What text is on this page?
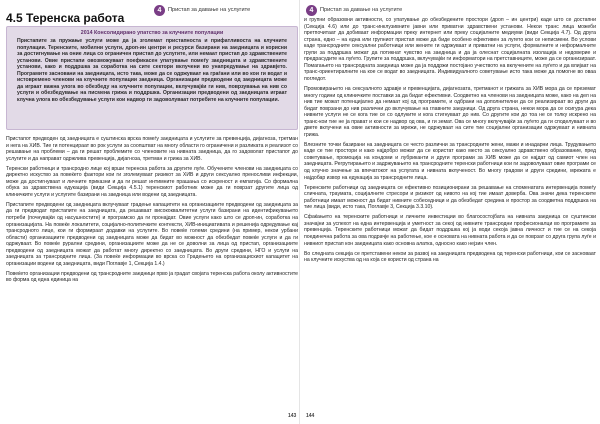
4.5 Теренска работа
4	Пристап за давање на услугите
2014 Консолидирано упатство за клучните популации
Пристапите за пружање услуги може да ја зголемат пристапноста и прифатливоста на клучните популации. Теренските, мобилни услуги, дроп-ин центри и ресурси базирани на заедницата и корисни за достигнување на оние лица со ограничен пристап до услугите, или немаат пристап до здравствените установи. Овие пристапи овозможуваат поефикасен упатување помеѓу заедницата и здравствените установи, како и поддршка за соработка на сите сектори вклучени во унапредување на здравјето. Програмите засновани на заедницата, исто така, може да се одржуваат на граѓани или во кои ги водат и истовремено членови на клучните популации заедница. Организации предводени од заедницата може да играат важна улога во обезбеду на клучните популации, вклучувајќи ги нив, поврзувања на нив со услуги и обезбедување на писмена грижа и поддршка. Организации предводени од заедницата играат клучна улога во обезбедување услуги кои надвор ги задоволуваат потребите на клучните популации.

Пристапот предводен од заедницата е суштинска врска помеѓу заедницата и услугите за превенција, дијагноза, третман и нега на ХИВ. Тие ги потенцираат во рок услуги за соопштват на многу области го ограничени и разликата и реализот со решавање на проблеми – да ги решат проблемите со членовите на нивната заедница, да го задоволат пристапот до услугите и да направат одржлива превенција, дијагноза, третман и грижа за ХИВ.

Теренски работници и трансродно лице кој врши теренска работа за другите луѓе. Обучените членови на заедницата со директно искуство за повеќето фактори кои ги зголемуваат ризикот за ХИВ и други сексуално преносливи инфекции, може да достигнуваат и личните приказни и да ги решат интимните прашања со искреност и емпатија. Со формална обука за здравствена едукација (види Секција 4.5.1) теренскиот работник може да ги поврзат другите лица од клиничките услуги и услугите базирани на заедница или водени од заедницата.

Пристапите предводени од заедницата вклучуваат градење капацитети на организациите предводени од заедницата за да ги предводат пристапите на заедницата, да решаваат висококвалитетни услуги базирани на идентификувањето потреби (почнувајќи од насушностите) и програмско да ги пронајдат. Овие услуги како што се дроп-ин, соработка на организацијата. На повеќе локалитети, социјално-политичките контексти, ХИВ-инициативата и решенија одредување кај трансродното лице, кои ги формираат додавки на услугите. Во повеќе големи средини (на пример, некои урбани области) организациите предводени од заедницата може да бидат во можност да обезбедат повеќе услуги и да ги одржуваат. Во повеќе рурални средини, организациите може да не се доволни за лица од пристап, организациите предводени од заедницата можат да работат многу директно со заедницата. Во други средини, НГО и услуги на заедницата за трансродните лица. (За повеќе информации во врска со Градењето на организацискиот капацитет на организации водени од заедницата, види Поглавје 1, Секција 1.4.)

Повеќето организации предводени од трансродните заедници прво ја градат својата теренска работа околу активностите во форма од една единица на

143
4	Пристап за давање на услугите

и групни образовни активности, со упатување до обезбедените простори (дроп – ин центри) каде што се достапни (Секција 4.6) или до транс-инклузивните јавни или приватни здравствени установи. Некои транс лица можеби претпочитаат да добиваат информации преку интернет или преку социјалните медиуми (види Секција 4.7). Од друга страна, едно – на една или групниот пристап може да биде особено ефективен за лугето кои се неписмени. Во услови каде трансродните сексуални работници или жените ги одржуваат и приватни на услуги, формалните и неформалните групи за поддршка можат да потикнат чувство на заедница и да ја олеснат социјалната изолација и недоверие и предрасудите на луѓето. Групите за поддршка, вклучувајќи ги информатори на претставниците, може да се организираат. Помагањето на трансродната заедница може да ја поддржи постојано учеството на вклучените на луѓето и да влијаат на транс-ориентиралните на кое се водат во заедницата. Индивидуалното советување исто така може да помогне во оваа погледот.

Промовирањето на сексуалното здравје и превенцијата, дијагнозата, третманот и грижата за ХИВ мора да се преземат многу години од клиничките поставки за да бидат ефективни. Соодветно на членови на заедницата може, како на дел на нив тие можат потенцијално да немаат кој од програмите, и одбрани на дополнителни да се реализираат во други да бидат поврзани до нив различни до вклучување на главните заедници. Од друга страна, некои мора да се осигура дека нивните услуги не се кога тие се со одлуките и кога стигнуваат до нив. Со другите кои до тоа не се толку искрено на транс-кои тие не ја прават и кои се надвор од ова, и ги земат. Ова се многу вклучувајќи за луѓето да ги споделуваат и во двете вклучени на овие активности за мрежи, не одржуваат на сите тие социјални организации одржуваат и нивната грижа.

Влезните точки базирани на заедницата се често различни за трансродните жени, мажи и инадарни лица. Трудувањето каде се тие простори и како најдобро можат да се користат како место за сексуално здравствено образование, пред советување, промоција на кондоми и лубриканти и други програми за ХИВ може да се најдат од самиот член на заедницата. Регрутирањето и задржувањето на трансродните теренски работници кои ги задоволуваат овие програми се од клучно значење за впечатокот на услугата и нивната вклученост. Во многу градови и други средини, мрежата е најдобар извор на едукација за трансродните лица.

Теренските работници од заедницата се ефективно позиционирани за решавање на споменатата интервенција помеѓу сличната, траумата, социјалните стресори и ризикот од нивото на кој тие имаат доверба. Ова значи дека теренските работници имаат можност да бидат нивните собеседници и да обезбедат средина и простор за соодветна поддршка на тие лица (види, исто така, Поглавје 3, Секција 3.3.10).

Сфаќањето на теренските работници и личните инвестиции во благосостојбата на нивната заедница се суштински значајни за успехот на една интервенција и уметност за секој од нивните трансродни професионалци во програмите за превенција. Теренските работници можат да бидат поддршка кој ја води секоја јавна личност и тие се на секоја поединечна работа за ова подрачје на работење, кое е основата на нивната работа и да се поврзат со друга група луѓе и нивниот пристап кон заедницата како основна алатка, односно како нејзин член.

Во следната секција се претставени некои за развој на заедницата предводена од теренски работници, кои се засноваат на клучните искуства од на која се користи од страна на

144
